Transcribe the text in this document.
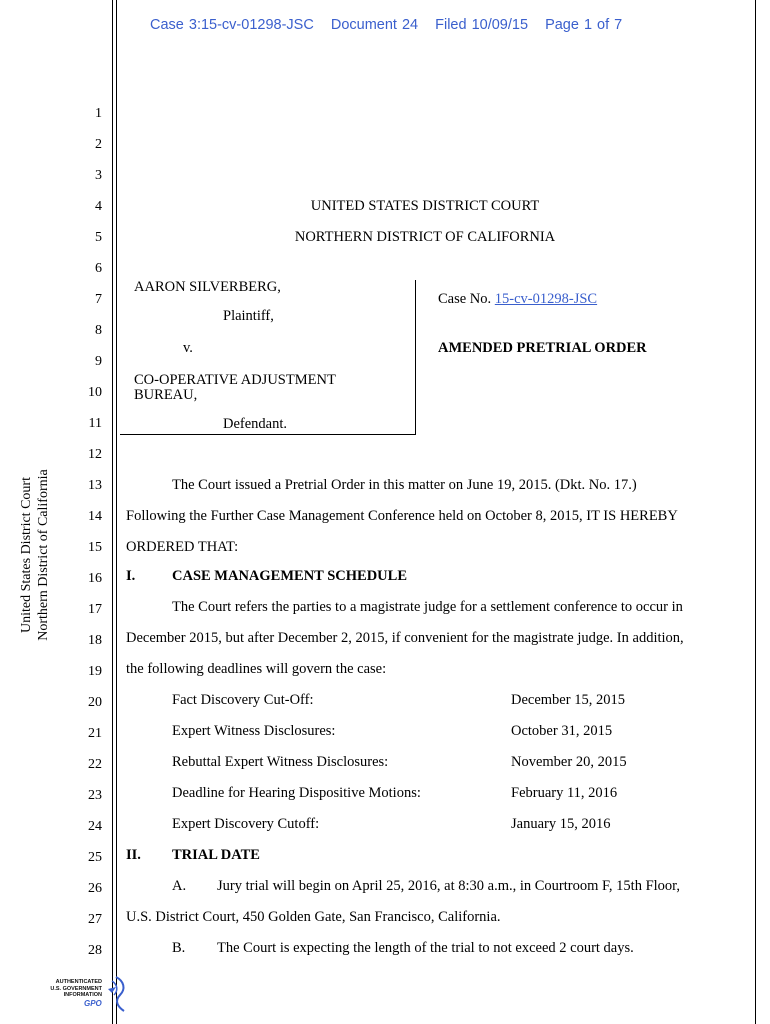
Case 3:15-cv-01298-JSC Document 24 Filed 10/09/15 Page 1 of 7
United States District Court Northern District of California
1
2
3
4
5
6
7
8
9
10
11
12
13
14
15
16
17
18
19
20
21
22
23
24
25
26
27
28
UNITED STATES DISTRICT COURT
NORTHERN DISTRICT OF CALIFORNIA
AARON SILVERBERG,
Plaintiff,
v.
CO-OPERATIVE ADJUSTMENT
BUREAU,
Defendant.
Case No. 15-cv-01298-JSC
AMENDED PRETRIAL ORDER
The Court issued a Pretrial Order in this matter on June 19, 2015. (Dkt. No. 17.)
Following the Further Case Management Conference held on October 8, 2015, IT IS HEREBY
ORDERED THAT:
I.	CASE MANAGEMENT SCHEDULE
The Court refers the parties to a magistrate judge for a settlement conference to occur in
December 2015, but after December 2, 2015, if convenient for the magistrate judge. In addition,
the following deadlines will govern the case:
Fact Discovery Cut-Off:	December 15, 2015
Expert Witness Disclosures:	October 31, 2015
Rebuttal Expert Witness Disclosures:	November 20, 2015
Deadline for Hearing Dispositive Motions:	February 11, 2016
Expert Discovery Cutoff:	January 15, 2016
II. TRIAL DATE
A. Jury trial will begin on April 25, 2016, at 8:30 a.m., in Courtroom F, 15th Floor,
U.S. District Court, 450 Golden Gate, San Francisco, California.
B. The Court is expecting the length of the trial to not exceed 2 court days.
AUTHENTICATED
U.S. GOVERNMENT
INFORMATION
GPO
